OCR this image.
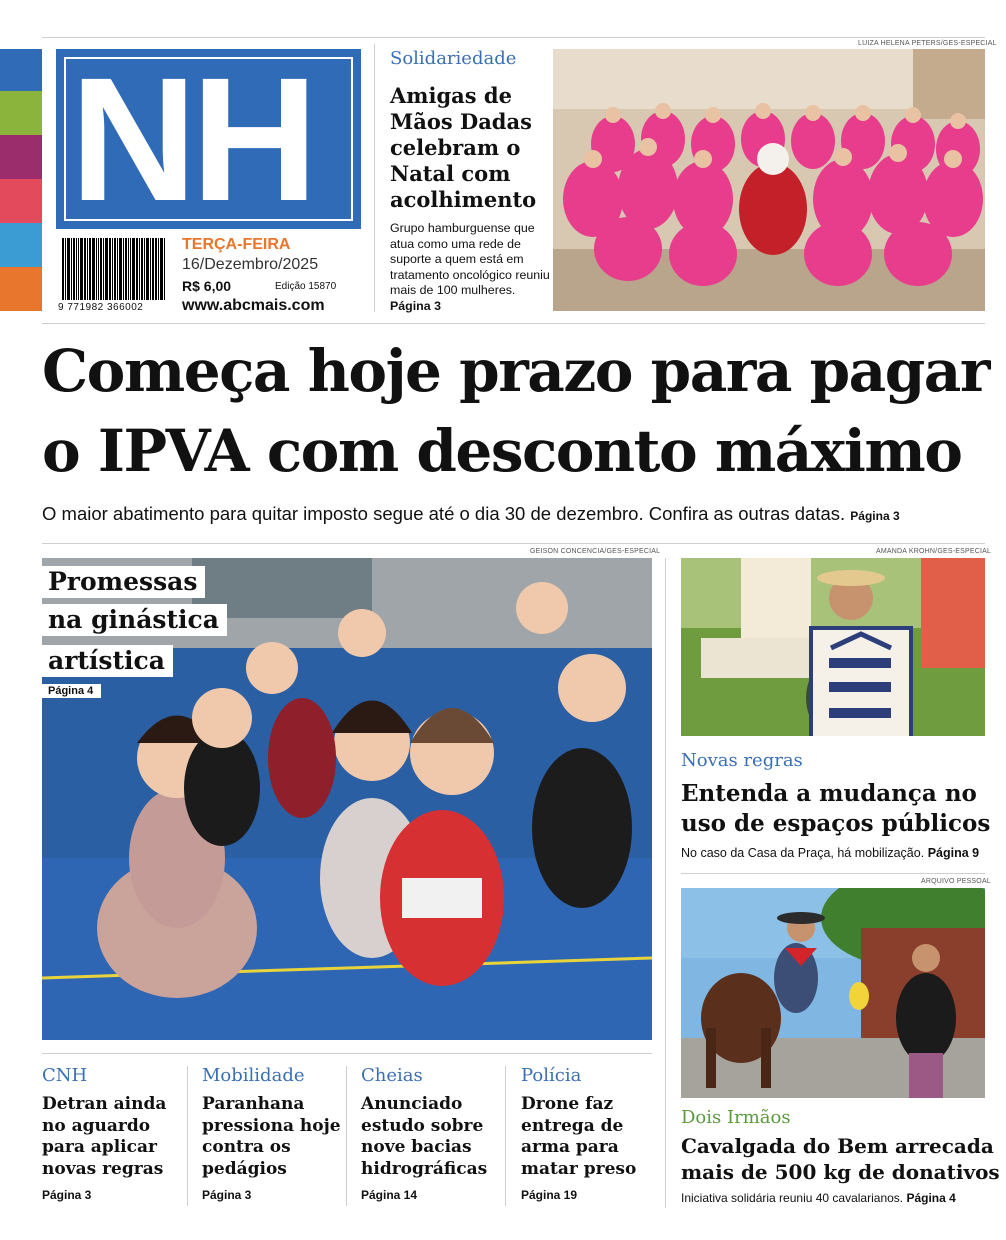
NH
9 771982 366002
TERÇA-FEIRA
16/Dezembro/2025
R$ 6,00	Edição 15870
www.abcmais.com
Solidariedade
Amigas de Mãos Dadas celebram o Natal com acolhimento
Grupo hamburguense que atua como uma rede de suporte a quem está em tratamento oncológico reuniu mais de 100 mulheres. Página 3
LUIZA HELENA PETERS/GES-ESPECIAL
Começa hoje prazo para pagar
o IPVA com desconto máximo
O maior abatimento para quitar imposto segue até o dia 30 de dezembro. Confira as outras datas. Página 3
GEISON CONCENCIA/GES-ESPECIAL
Promessas
na ginástica
artística
Página 4
AMANDA KROHN/GES-ESPECIAL
Novas regras
Entenda a mudança no uso de espaços públicos
No caso da Casa da Praça, há mobilização. Página 9
ARQUIVO PESSOAL
Dois Irmãos
Cavalgada do Bem arrecada mais de 500 kg de donativos
Iniciativa solidária reuniu 40 cavalarianos. Página 4
CNH
Detran ainda no aguardo para aplicar novas regras
Página 3
Mobilidade
Paranhana pressiona hoje contra os pedágios
Página 3
Cheias
Anunciado estudo sobre nove bacias hidrográficas
Página 14
Polícia
Drone faz entrega de arma para matar preso
Página 19
